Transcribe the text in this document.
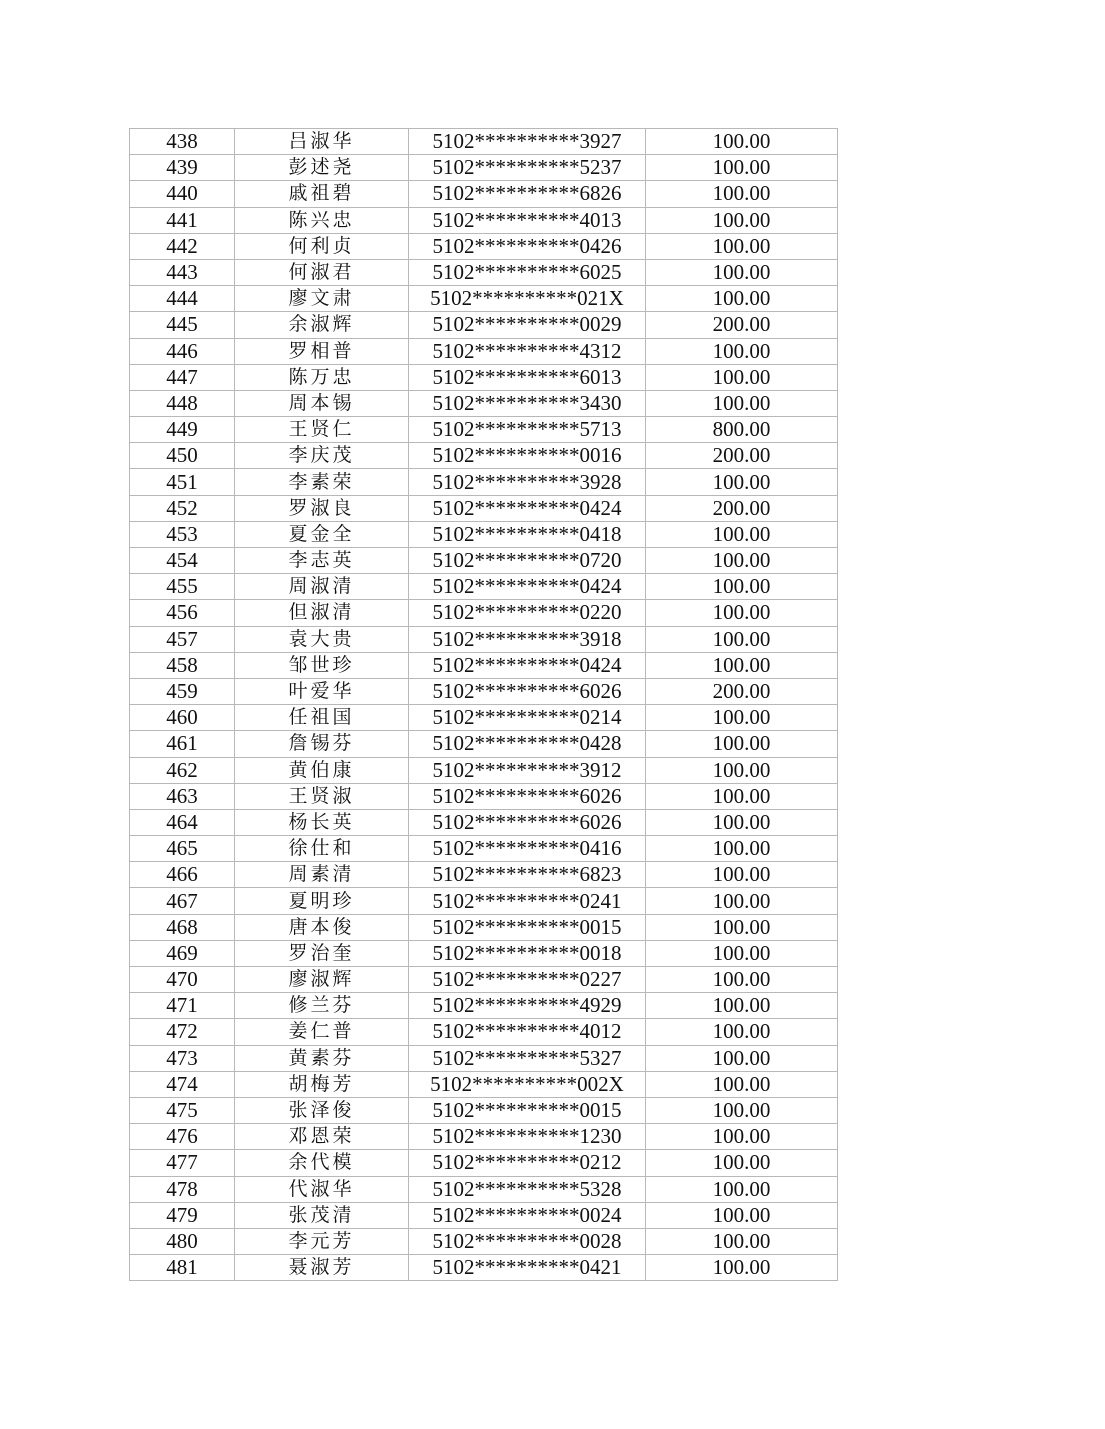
438	吕淑华	5102**********3927	100.00
439	彭述尧	5102**********5237	100.00
440	戚祖碧	5102**********6826	100.00
441	陈兴忠	5102**********4013	100.00
442	何利贞	5102**********0426	100.00
443	何淑君	5102**********6025	100.00
444	廖文肃	5102**********021X	100.00
445	余淑辉	5102**********0029	200.00
446	罗相普	5102**********4312	100.00
447	陈万忠	5102**********6013	100.00
448	周本锡	5102**********3430	100.00
449	王贤仁	5102**********5713	800.00
450	李庆茂	5102**********0016	200.00
451	李素荣	5102**********3928	100.00
452	罗淑良	5102**********0424	200.00
453	夏金全	5102**********0418	100.00
454	李志英	5102**********0720	100.00
455	周淑清	5102**********0424	100.00
456	但淑清	5102**********0220	100.00
457	袁大贵	5102**********3918	100.00
458	邹世珍	5102**********0424	100.00
459	叶爱华	5102**********6026	200.00
460	任祖国	5102**********0214	100.00
461	詹锡芬	5102**********0428	100.00
462	黄伯康	5102**********3912	100.00
463	王贤淑	5102**********6026	100.00
464	杨长英	5102**********6026	100.00
465	徐仕和	5102**********0416	100.00
466	周素清	5102**********6823	100.00
467	夏明珍	5102**********0241	100.00
468	唐本俊	5102**********0015	100.00
469	罗治奎	5102**********0018	100.00
470	廖淑辉	5102**********0227	100.00
471	修兰芬	5102**********4929	100.00
472	姜仁普	5102**********4012	100.00
473	黄素芬	5102**********5327	100.00
474	胡梅芳	5102**********002X	100.00
475	张泽俊	5102**********0015	100.00
476	邓恩荣	5102**********1230	100.00
477	余代模	5102**********0212	100.00
478	代淑华	5102**********5328	100.00
479	张茂清	5102**********0024	100.00
480	李元芳	5102**********0028	100.00
481	聂淑芳	5102**********0421	100.00
